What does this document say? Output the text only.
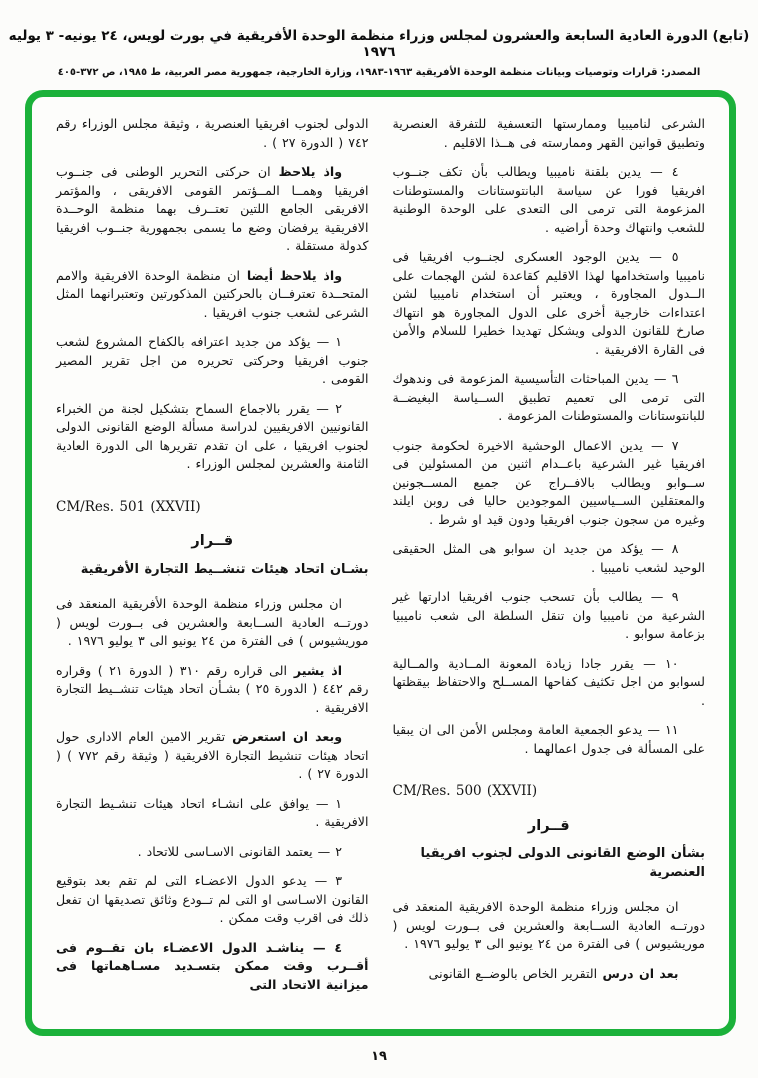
(تابع) الدورة العادية السابعة والعشرون لمجلس وزراء منظمة الوحدة الأفريقية في بورت لويس، ٢٤ يونيه- ٣ يوليه ١٩٧٦
المصدر: قرارات وتوصيات وبيانات منظمة الوحدة الأفريقية ١٩٦٣-١٩٨٣، وزارة الخارجية، جمهورية مصر العربية، ط ١٩٨٥، ص ٣٧٢-٤٠٥
الشرعى لناميبيا وممارستها التعسفية للتفرقة العنصرية وتطبيق قوانين القهر وممارسته فى هــذا الاقليم .
٤ — يدين بلقنة ناميبيا ويطالب بأن تكف جنــوب افريقيا فورا عن سياسة البانتوستانات والمستوطنات المزعومة التى ترمى الى التعدى على الوحدة الوطنية للشعب وانتهاك وحدة أراضيه .
٥ — يدين الوجود العسكرى لجنــوب افريقيا فى ناميبيا واستخدامها لهذا الاقليم كقاعدة لشن الهجمات على الــدول المجاورة ، ويعتبر أن استخدام ناميبيا لشن اعتداءات خارجية أخرى على الدول المجاورة هو انتهاك صارخ للقانون الدولى ويشكل تهديدا خطيرا للسلام والأمن فى القارة الافريقية .
٦ — يدين المباحثات التأسيسية المزعومة فى وندهوك التى ترمى الى تعميم تطبيق الســياسة البغيضــة للبانتوستانات والمستوطنات المزعومة .
٧ — يدين الاعمال الوحشية الاخيرة لحكومة جنوب افريقيا غير الشرعية باعــدام اثنين من المسئولين فى ســوابو ويطالب بالافــراج عن جميع المســجونين والمعتقلين الســياسيين الموجودين حاليا فى روبن ايلند وغيره من سجون جنوب افريقيا ودون قيد او شرط .
٨ — يؤكد من جديد ان سوابو هى المثل الحقيقى الوحيد لشعب ناميبيا .
٩ — يطالب بأن تسحب جنوب افريقيا ادارتها غير الشرعية من ناميبيا وان تنقل السلطة الى شعب ناميبيا بزعامة سوابو .
١٠ — يقرر جادا زيادة المعونة المــادية والمــالية لسوابو من اجل تكثيف كفاحها المســلح والاحتفاظ بيقظتها .
١١ — يدعو الجمعية العامة ومجلس الأمن الى ان يبقيا على المسألة فى جدول اعمالهما .
CM/Res. 500 (XXVII)
قــرار
بشأن الوضع القانونى الدولى لجنوب افريقيا العنصرية
ان مجلس وزراء منظمة الوحدة الافريقية المنعقد فى دورتــه العادية الســابعة والعشرين فى بــورت لويس ( موريشيوس ) فى الفترة من ٢٤ يونيو الى ٣ يوليو ١٩٧٦ .
بعد ان درس التقرير الخاص بالوضــع القانونى
الدولى لجنوب افريقيا العنصرية ، وثيقة مجلس الوزراء رقم ٧٤٢ ( الدورة ٢٧ ) .
واذ يلاحظ ان حركتى التحرير الوطنى فى جنــوب افريقيا وهمــا المــؤتمر القومى الافريقى ، والمؤتمر الافريقى الجامع اللتين تعتــرف بهما منظمة الوحــدة الافريقية يرفضان وضع ما يسمى بجمهورية جنــوب افريقيا كدولة مستقلة .
واذ يلاحظ أيضا ان منظمة الوحدة الافريقية والامم المتحــدة تعترفــان بالحركتين المذكورتين وتعتبرانهما المثل الشرعى لشعب جنوب افريقيا .
١ — يؤكد من جديد اعترافه بالكفاح المشروع لشعب جنوب افريقيا وحركتى تحريره من اجل تقرير المصير القومى .
٢ — يقرر بالاجماع السماح بتشكيل لجنة من الخبراء القانونيين الافريقيين لدراسة مسألة الوضع القانونى الدولى لجنوب افريقيا ، على ان تقدم تقريرها الى الدورة العادية الثامنة والعشرين لمجلس الوزراء .
CM/Res. 501 (XXVII)
قــرار
بشـان اتحاد هيئات تنشــيط التجارة الأفريقية
ان مجلس وزراء منظمة الوحدة الأفريقية المنعقد فى دورتــه العادية الســابعة والعشرين فى بــورت لويس ( موريشيوس ) فى الفترة من ٢٤ يونيو الى ٣ يوليو ١٩٧٦ .
اذ يشير الى قراره رقم ٣١٠ ( الدورة ٢١ ) وقراره رقم ٤٤٢ ( الدورة ٢٥ ) بشـأن اتحاد هيئات تنشــيط التجارة الافريقية .
وبعد ان استعرض تقرير الامين العام الادارى حول اتحاد هيئات تنشيط التجارة الافريقية ( وثيقة رقم ٧٧٢ ) ( الدورة ٢٧ ) .
١ — يوافق على انشـاء اتحاد هيئات تنشـيط التجارة الافريقية .
٢ — يعتمد القانونى الاسـاسى للاتحاد .
٣ — يدعو الدول الاعضـاء التى لم تقم بعد بتوقيع القانون الاسـاسى او التى لم تــودع وثائق تصديقها ان تفعل ذلك فى اقرب وقت ممكن .
٤ — يناشـد الدول الاعضـاء بان تقــوم فى أقــرب وقت ممكن بتسـديد مسـاهماتها فى ميزانية الاتحاد التى
١٩
